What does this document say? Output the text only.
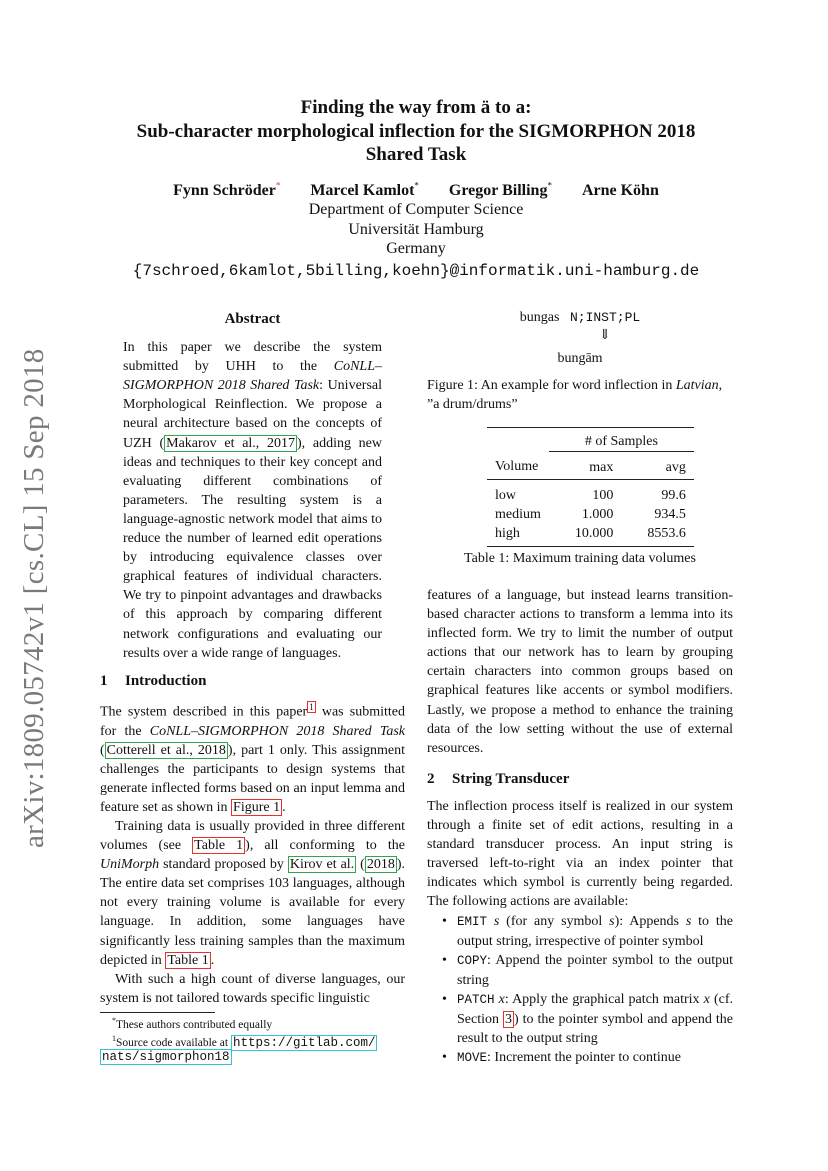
arXiv:1809.05742v1 [cs.CL] 15 Sep 2018
Finding the way from ä to a:
Sub-character morphological inflection for the SIGMORPHON 2018
Shared Task
Fynn Schröder* Marcel Kamlot* Gregor Billing* Arne Köhn
Department of Computer Science
Universität Hamburg
Germany
{7schroed,6kamlot,5billing,koehn}@informatik.uni-hamburg.de
Abstract

In this paper we describe the system submitted by UHH to the CoNLL–SIGMORPHON 2018 Shared Task: Universal Morphological Reinflection. We propose a neural architecture based on the concepts of UZH ( Makarov et al., 2017 ), adding new ideas and techniques to their key concept and evaluating different combinations of parameters. The resulting system is a language-agnostic network model that aims to reduce the number of learned edit operations by introducing equivalence classes over graphical features of individual characters. We try to pinpoint advantages and drawbacks of this approach by comparing different network configurations and evaluating our results over a wide range of languages.

1 Introduction

The system described in this paper $^1$ was submitted for the CoNLL–SIGMORPHON 2018 Shared Task ( Cotterell et al., 2018 ), part 1 only. This assignment challenges the participants to design systems that generate inflected forms based on an input lemma and feature set as shown in Figure 1 .

Training data is usually provided in three different volumes (see Table 1 ), all conforming to the UniMorph standard proposed by Kirov et al. ( 2018 ). The entire data set comprises 103 languages, although not every training volume is available for every language. In addition, some languages have significantly less training samples than the maximum depicted in Table 1 .

With such a high count of diverse languages, our system is not tailored towards specific linguistic

*These authors contributed equally
$^1$Source code available at https://gitlab.com/
nats/sigmorphon18
bungas N;INST;PL
⇓
bungām
Figure 1: An example for word inflection in Latvian, ”a drum/drums”
	# of Samples	
Volume	max	avg
low	100	99.6
medium	1.000	934.5
high	10.000	8553.6
Table 1: Maximum training data volumes

features of a language, but instead learns transition-based character actions to transform a lemma into its inflected form. We try to limit the number of output actions that our network has to learn by grouping certain characters into common groups based on graphical features like accents or symbol modifiers. Lastly, we propose a method to enhance the training data of the low setting without the use of external resources.

2 String Transducer

The inflection process itself is realized in our system through a finite set of edit actions, resulting in a standard transducer process. An input string is traversed left-to-right via an index pointer that indicates which symbol is currently being regarded. The following actions are available:

• EMIT s (for any symbol s): Appends s to the output string, irrespective of pointer symbol
• COPY: Append the pointer symbol to the output string
• PATCH x: Apply the graphical patch matrix x (cf. Section 3 ) to the pointer symbol and append the result to the output string
• MOVE: Increment the pointer to continue
